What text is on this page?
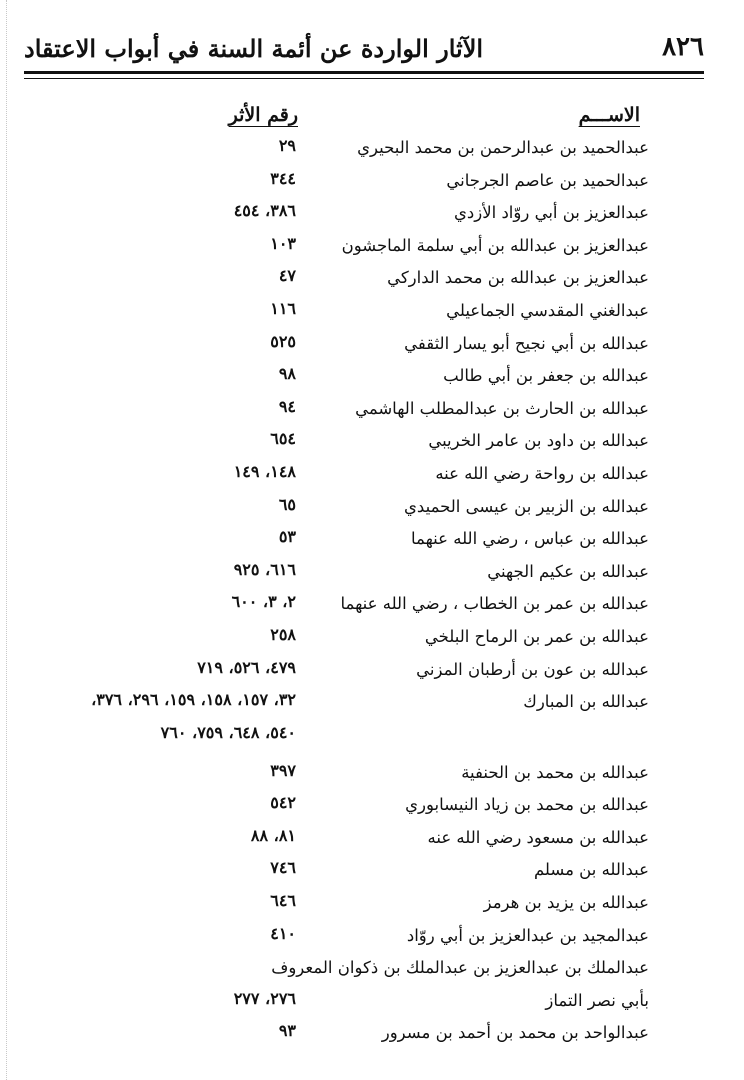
٨٢٦
الآثار الواردة عن أئمة السنة في أبواب الاعتقاد
الاســـم
رقم الأثر
عبدالحميد بن عبدالرحمن بن محمد البحيري
٢٩
عبدالحميد بن عاصم الجرجاني
٣٤٤
عبدالعزيز بن أبي روّاد الأزدي
٣٨٦، ٤٥٤
عبدالعزيز بن عبدالله بن أبي سلمة الماجشون
١٠٣
عبدالعزيز بن عبدالله بن محمد الداركي
٤٧
عبدالغني المقدسي الجماعيلي
١١٦
عبدالله بن أبي نجيح أبو يسار الثقفي
٥٢٥
عبدالله بن جعفر بن أبي طالب
٩٨
عبدالله بن الحارث بن عبدالمطلب الهاشمي
٩٤
عبدالله بن داود بن عامر الخريبي
٦٥٤
عبدالله بن رواحة رضي الله عنه
١٤٨، ١٤٩
عبدالله بن الزبير بن عيسى الحميدي
٦٥
عبدالله بن عباس ، رضي الله عنهما
٥٣
عبدالله بن عكيم الجهني
٦١٦، ٩٢٥
عبدالله بن عمر بن الخطاب ، رضي الله عنهما
٢، ٣، ٦٠٠
عبدالله بن عمر بن الرماح البلخي
٢٥٨
عبدالله بن عون بن أرطبان المزني
٤٧٩، ٥٢٦، ٧١٩
عبدالله بن المبارك
٣٢، ١٥٧، ١٥٨، ١٥٩، ٢٩٦، ٣٧٦،
٥٤٠، ٦٤٨، ٧٥٩، ٧٦٠
عبدالله بن محمد بن الحنفية
٣٩٧
عبدالله بن محمد بن زياد النيسابوري
٥٤٢
عبدالله بن مسعود رضي الله عنه
٨١، ٨٨
عبدالله بن مسلم
٧٤٦
عبدالله بن يزيد بن هرمز
٦٤٦
عبدالمجيد بن عبدالعزيز بن أبي روّاد
٤١٠
عبدالملك بن عبدالعزيز بن عبدالملك بن ذكوان المعروف
بأبي نصر التماز
٢٧٦، ٢٧٧
عبدالواحد بن محمد بن أحمد بن مسرور
٩٣
